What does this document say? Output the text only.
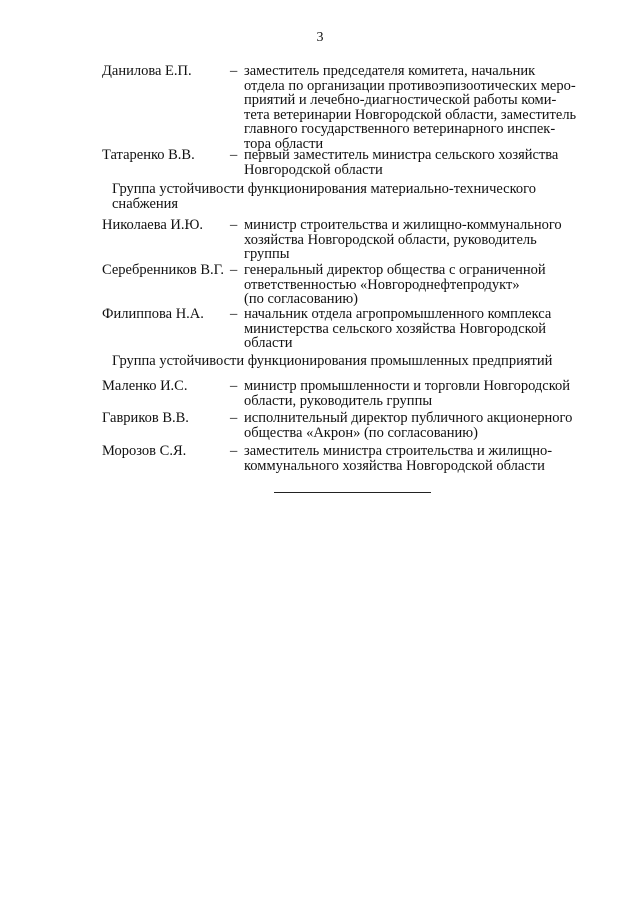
3
Данилова Е.П.	– заместитель председателя комитета, начальник
отдела по организации противоэпизоотических меро-
приятий и лечебно-диагностической работы коми-
тета ветеринарии Новгородской области, заместитель
главного государственного ветеринарного инспек-
тора области
Татаренко В.В. – первый заместитель министра сельского хозяйства
Новгородской области
Группа устойчивости функционирования материально-технического
снабжения
Николаева И.Ю. – министр строительства и жилищно-коммунального
хозяйства Новгородской области, руководитель
группы
Серебренников В.Г. – генеральный директор общества с ограниченной
ответственностью «Новгороднефтепродукт»
(по согласованию)
Филиппова Н.А. – начальник отдела агропромышленного комплекса
министерства сельского хозяйства Новгородской
области
Группа устойчивости функционирования промышленных предприятий
Маленко И.С.	– министр промышленности и торговли Новгородской
области, руководитель группы
Гавриков В.В.	– исполнительный директор публичного акционерного
общества «Акрон» (по согласованию)
Морозов С.Я.	– заместитель министра строительства и жилищно-
коммунального хозяйства Новгородской области
